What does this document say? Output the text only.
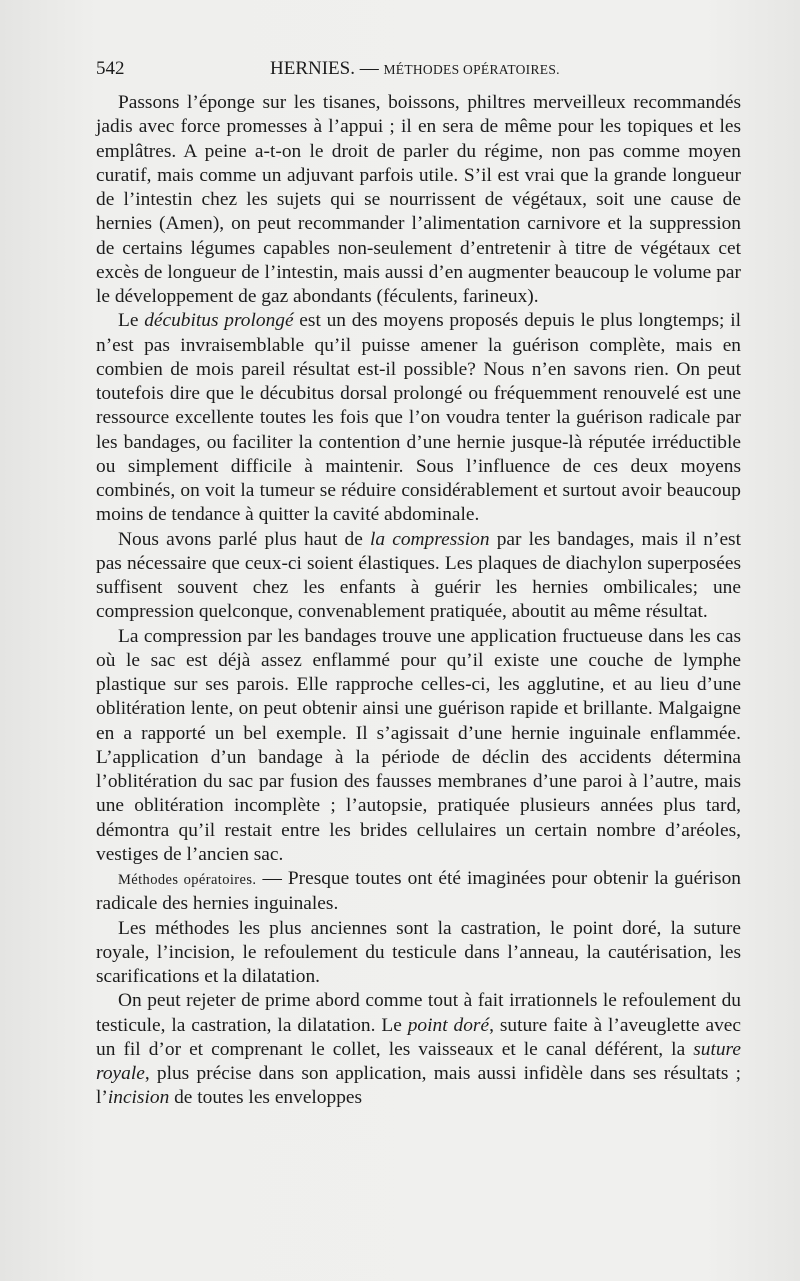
542	HERNIES. — MÉTHODES OPÉRATOIRES.

Passons l’éponge sur les tisanes, boissons, philtres merveilleux recommandés jadis avec force promesses à l’appui ; il en sera de même pour les topiques et les emplâtres. A peine a-t-on le droit de parler du régime, non pas comme moyen curatif, mais comme un adjuvant parfois utile. S’il est vrai que la grande longueur de l’intestin chez les sujets qui se nourrissent de végétaux, soit une cause de hernies (Amen), on peut recommander l’alimentation carnivore et la suppression de certains légumes capables non-seulement d’entretenir à titre de végétaux cet excès de longueur de l’intestin, mais aussi d’en augmenter beaucoup le volume par le développement de gaz abondants (féculents, farineux).

Le décubitus prolongé est un des moyens proposés depuis le plus longtemps; il n’est pas invraisemblable qu’il puisse amener la guérison complète, mais en combien de mois pareil résultat est-il possible? Nous n’en savons rien. On peut toutefois dire que le décubitus dorsal prolongé ou fréquemment renouvelé est une ressource excellente toutes les fois que l’on voudra tenter la guérison radicale par les bandages, ou faciliter la contention d’une hernie jusque-là réputée irréductible ou simplement difficile à maintenir. Sous l’influence de ces deux moyens combinés, on voit la tumeur se réduire considérablement et surtout avoir beaucoup moins de tendance à quitter la cavité abdominale.

Nous avons parlé plus haut de la compression par les bandages, mais il n’est pas nécessaire que ceux-ci soient élastiques. Les plaques de diachylon superposées suffisent souvent chez les enfants à guérir les hernies ombilicales; une compression quelconque, convenablement pratiquée, aboutit au même résultat.

La compression par les bandages trouve une application fructueuse dans les cas où le sac est déjà assez enflammé pour qu’il existe une couche de lymphe plastique sur ses parois. Elle rapproche celles-ci, les agglutine, et au lieu d’une oblitération lente, on peut obtenir ainsi une guérison rapide et brillante. Malgaigne en a rapporté un bel exemple. Il s’agissait d’une hernie inguinale enflammée. L’application d’un bandage à la période de déclin des accidents détermina l’oblitération du sac par fusion des fausses membranes d’une paroi à l’autre, mais une oblitération incomplète ; l’autopsie, pratiquée plusieurs années plus tard, démontra qu’il restait entre les brides cellulaires un certain nombre d’aréoles, vestiges de l’ancien sac.

Méthodes opératoires. — Presque toutes ont été imaginées pour obtenir la guérison radicale des hernies inguinales.

Les méthodes les plus anciennes sont la castration, le point doré, la suture royale, l’incision, le refoulement du testicule dans l’anneau, la cautérisation, les scarifications et la dilatation.

On peut rejeter de prime abord comme tout à fait irrationnels le refoulement du testicule, la castration, la dilatation. Le point doré, suture faite à l’aveuglette avec un fil d’or et comprenant le collet, les vaisseaux et le canal déférent, la suture royale, plus précise dans son application, mais aussi infidèle dans ses résultats ; l’incision de toutes les enveloppes
